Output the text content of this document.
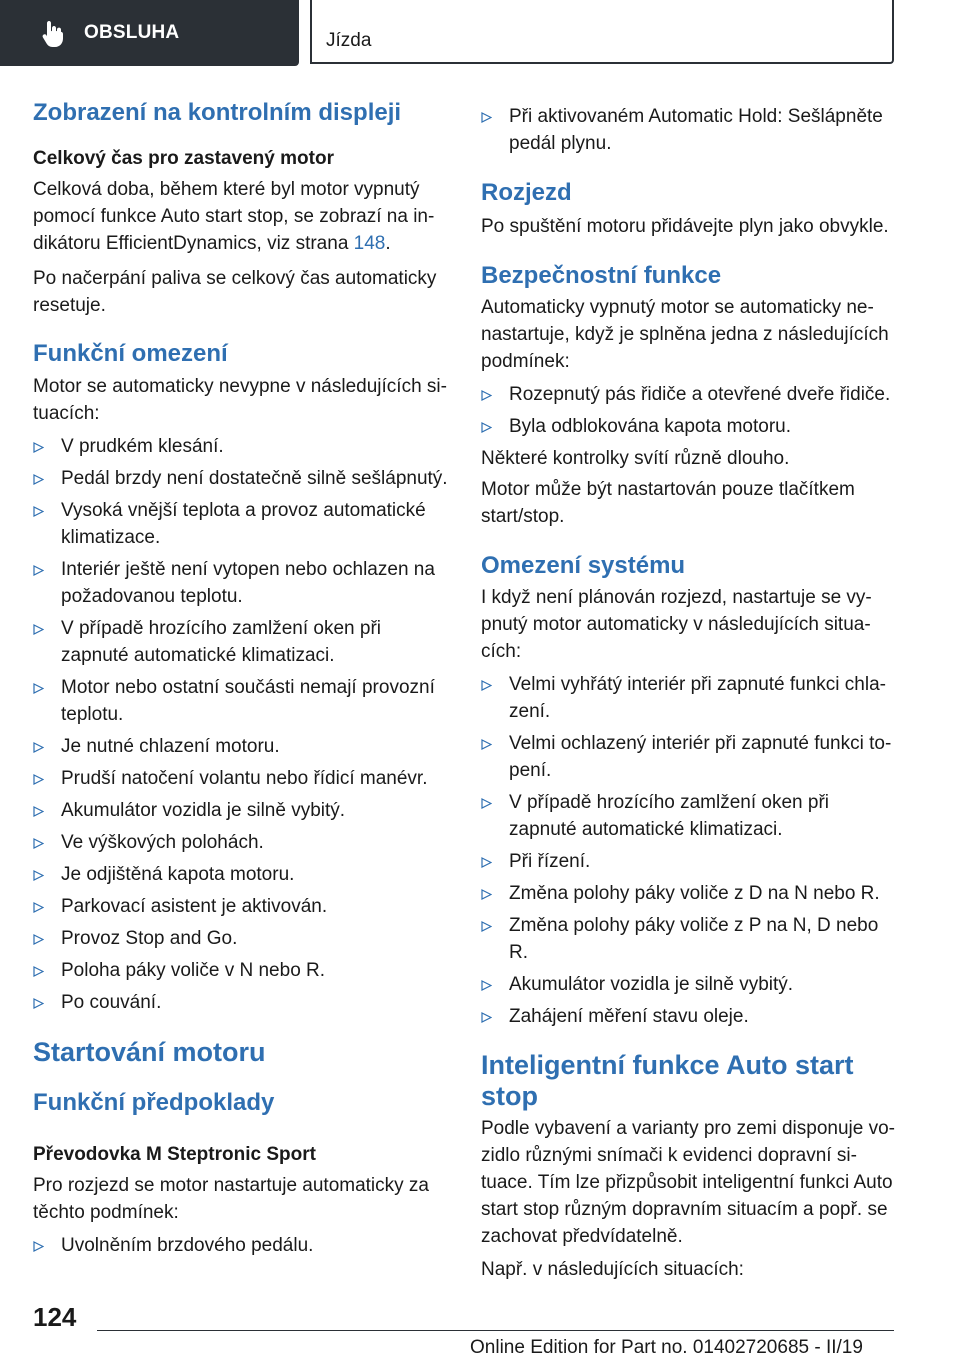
OBSLUHA	Jízda
Zobrazení na kontrolním displeji
Celkový čas pro zastavený motor

Celková doba, během které byl motor vypnutý pomocí funkce Auto start stop, se zobrazí na in-dikátoru EfficientDynamics, viz strana 148.

Po načerpání paliva se celkový čas automaticky resetuje.

Funkční omezení

Motor se automaticky nevypne v následujících si-tuacích:

V prudkém klesání.
Pedál brzdy není dostatečně silně sešlápnutý.
Vysoká vnější teplota a provoz automatické klimatizace.
Interiér ještě není vytopen nebo ochlazen na požadovanou teplotu.
V případě hrozícího zamlžení oken při zapnuté automatické klimatizaci.
Motor nebo ostatní součásti nemají provozní teplotu.
Je nutné chlazení motoru.
Prudší natočení volantu nebo řídicí manévr.
Akumulátor vozidla je silně vybitý.
Ve výškových polohách.
Je odjištěná kapota motoru.
Parkovací asistent je aktivován.
Provoz Stop and Go.
Poloha páky voliče v N nebo R.
Po couvání.
Startování motoru
Funkční předpoklady
Převodovka M Steptronic Sport

Pro rozjezd se motor nastartuje automaticky za těchto podmínek:

Uvolněním brzdového pedálu.
Při aktivovaném Automatic Hold: Sešlápněte pedál plynu.
Rozjezd

Po spuštění motoru přidávejte plyn jako obvykle.

Bezpečnostní funkce

Automaticky vypnutý motor se automaticky ne-nastartuje, když je splněna jedna z následujících podmínek:

Rozepnutý pás řidiče a otevřené dveře řidiče.
Byla odblokována kapota motoru.

Některé kontrolky svítí různě dlouho.

Motor může být nastartován pouze tlačítkem start/stop.

Omezení systému

I když není plánován rozjezd, nastartuje se vy-pnutý motor automaticky v následujících situa-cích:

Velmi vyhřátý interiér při zapnuté funkci chla-zení.
Velmi ochlazený interiér při zapnuté funkci to-pení.
V případě hrozícího zamlžení oken při zapnuté automatické klimatizaci.
Při řízení.
Změna polohy páky voliče z D na N nebo R.
Změna polohy páky voliče z P na N, D nebo R.
Akumulátor vozidla je silně vybitý.
Zahájení měření stavu oleje.
Inteligentní funkce Auto start stop

Podle vybavení a varianty pro zemi disponuje vo-zidlo různými snímači k evidenci dopravní si-tuace. Tím lze přizpůsobit inteligentní funkci Auto start stop různým dopravním situacím a popř. se zachovat předvídatelně.

Např. v následujících situacích:

124
Online Edition for Part no. 01402720685 - II/19
